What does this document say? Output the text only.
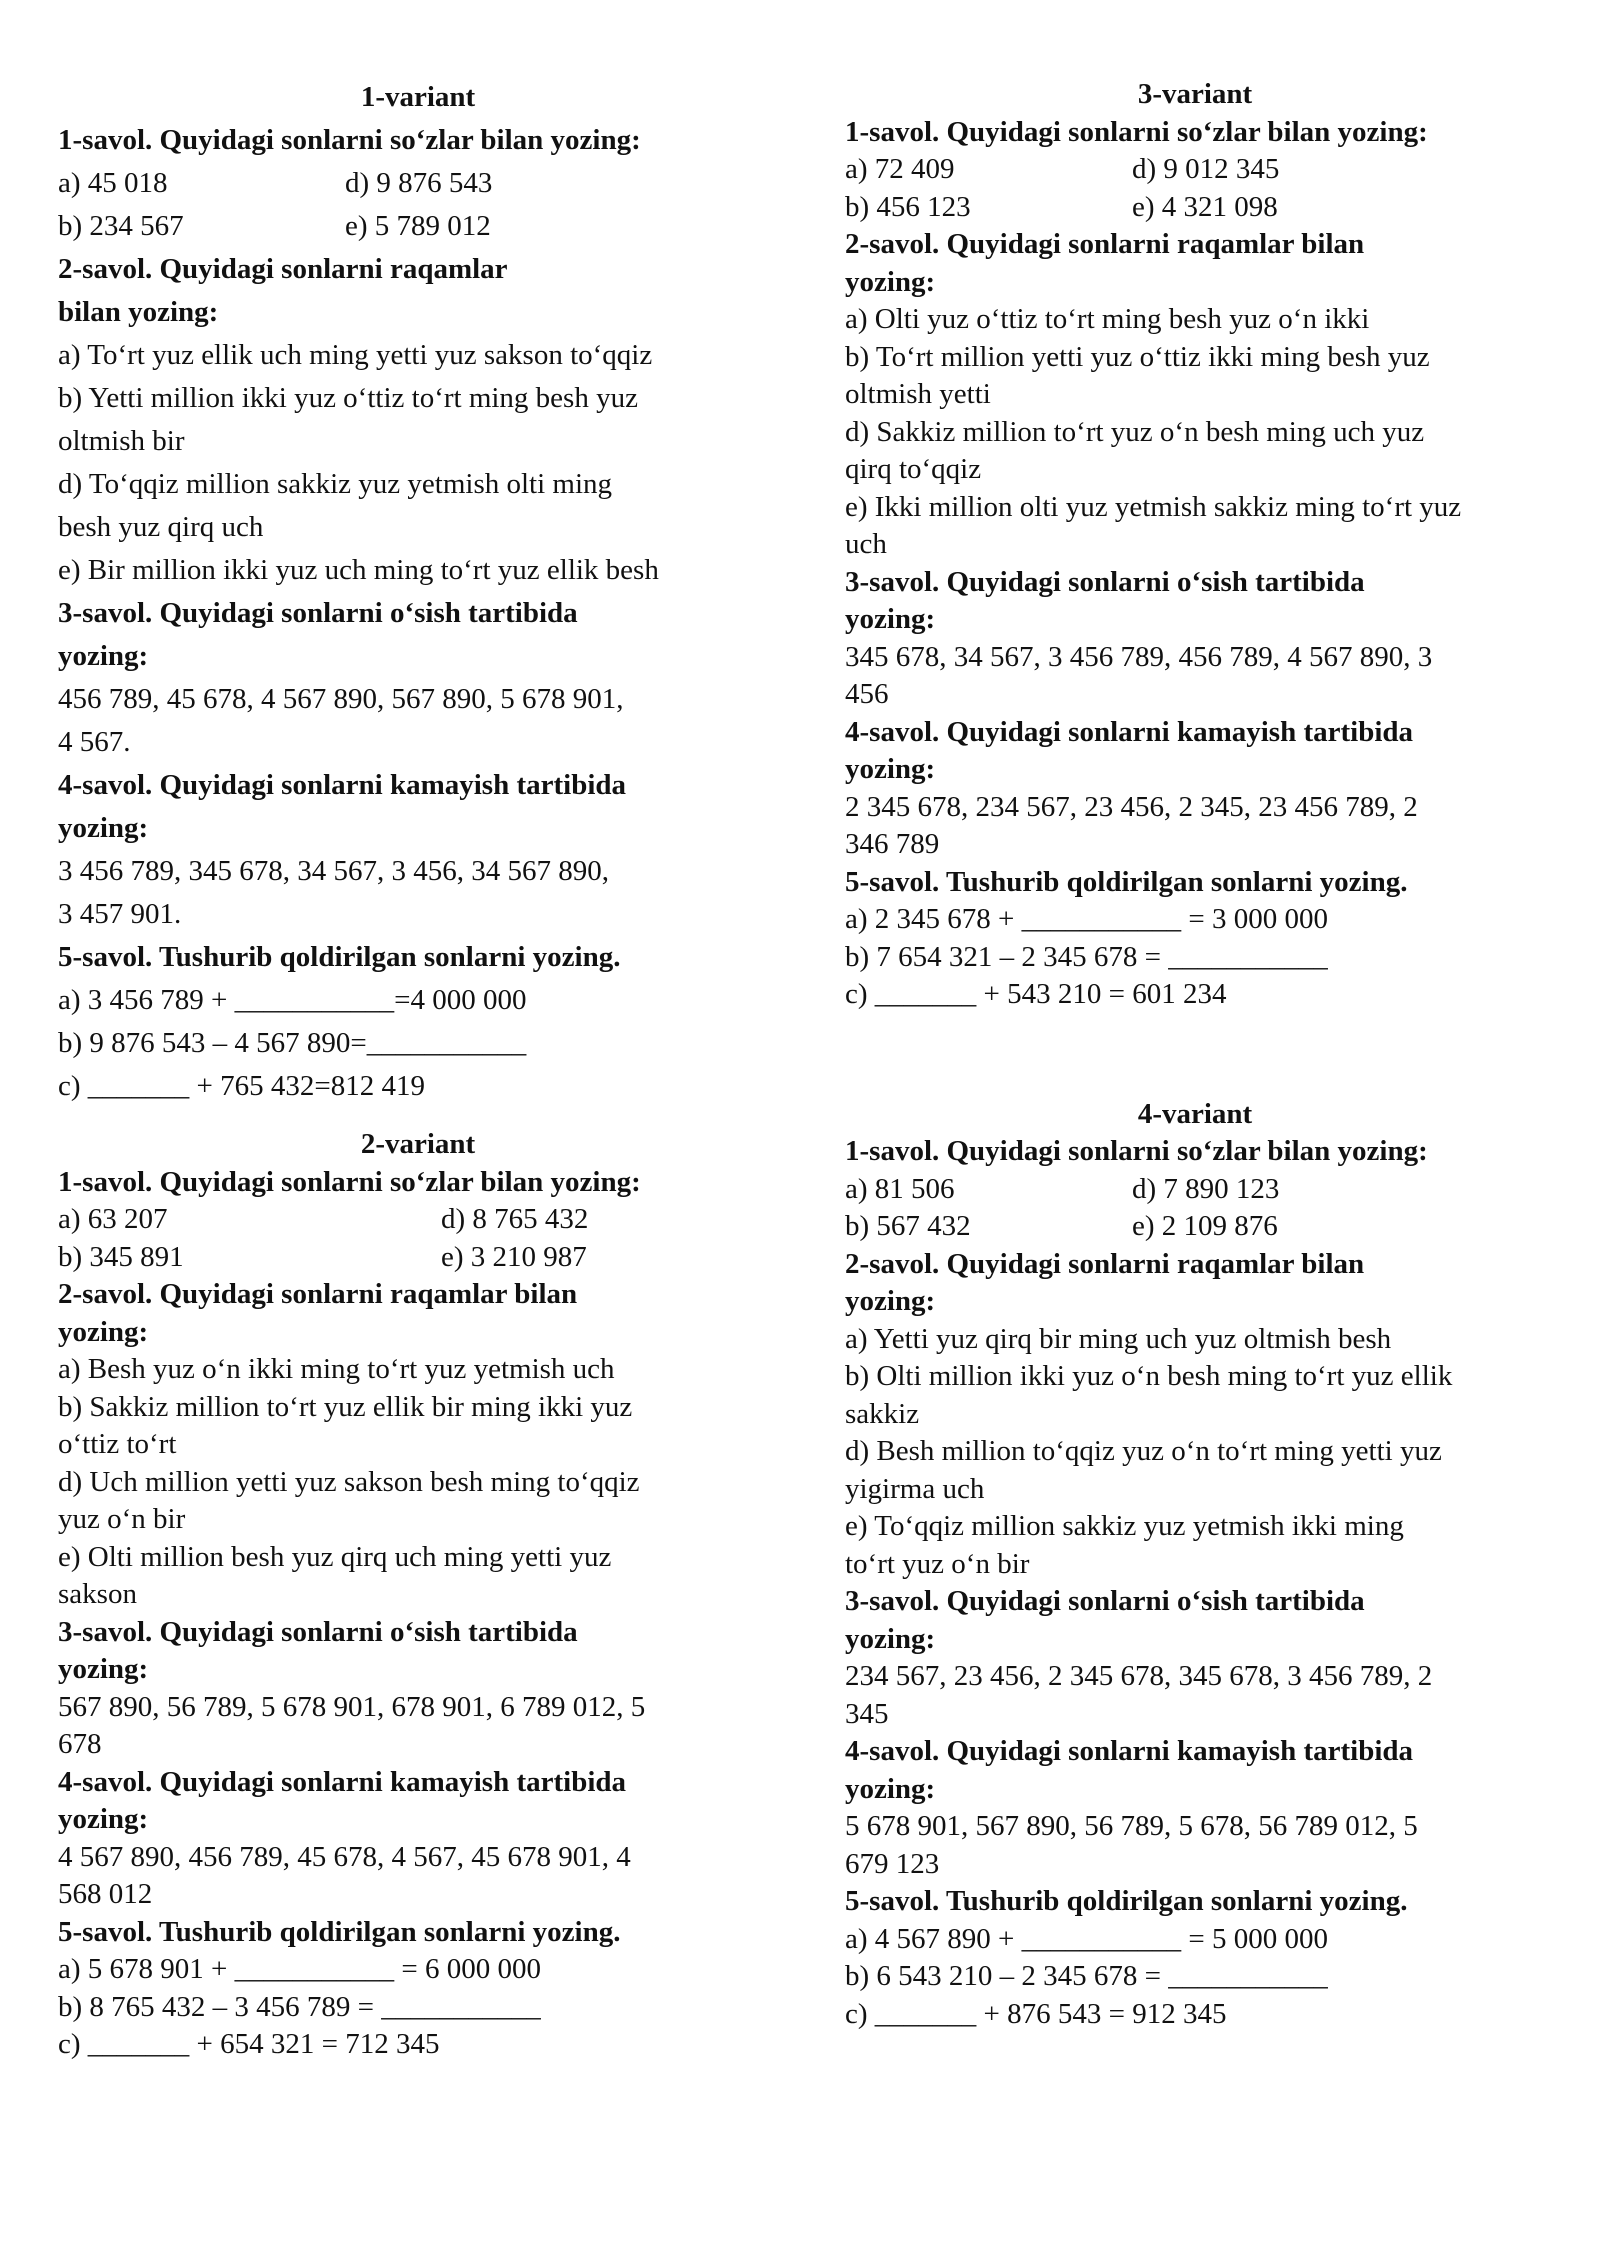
1-variant
1-savol. Quyidagi sonlarni so‘zlar bilan yozing:
a) 45 018	d) 9 876 543
b) 234 567	e) 5 789 012
2-savol. Quyidagi sonlarni raqamlar
bilan yozing:
a) To‘rt yuz ellik uch ming yetti yuz sakson to‘qqiz
b) Yetti million ikki yuz o‘ttiz to‘rt ming besh yuz
oltmish bir
d) To‘qqiz million sakkiz yuz yetmish olti ming
besh yuz qirq uch
e) Bir million ikki yuz uch ming to‘rt yuz ellik besh
3-savol. Quyidagi sonlarni o‘sish tartibida
yozing:
456 789, 45 678, 4 567 890, 567 890, 5 678 901,
4 567.
4-savol. Quyidagi sonlarni kamayish tartibida
yozing:
3 456 789, 345 678, 34 567, 3 456, 34 567 890,
3 457 901.
5-savol. Tushurib qoldirilgan sonlarni yozing.
a) 3 456 789 + ___________=4 000 000
b) 9 876 543 – 4 567 890=___________
c) _______ + 765 432=812 419
2-variant
1-savol. Quyidagi sonlarni so‘zlar bilan yozing:
a) 63 207	d) 8 765 432
b) 345 891	e) 3 210 987
2-savol. Quyidagi sonlarni raqamlar bilan
yozing:
a) Besh yuz o‘n ikki ming to‘rt yuz yetmish uch
b) Sakkiz million to‘rt yuz ellik bir ming ikki yuz
o‘ttiz to‘rt
d) Uch million yetti yuz sakson besh ming to‘qqiz
yuz o‘n bir
e) Olti million besh yuz qirq uch ming yetti yuz
sakson
3-savol. Quyidagi sonlarni o‘sish tartibida
yozing:
567 890, 56 789, 5 678 901, 678 901, 6 789 012, 5
678
4-savol. Quyidagi sonlarni kamayish tartibida
yozing:
4 567 890, 456 789, 45 678, 4 567, 45 678 901, 4
568 012
5-savol. Tushurib qoldirilgan sonlarni yozing.
a) 5 678 901 + ___________ = 6 000 000
b) 8 765 432 – 3 456 789 = ___________
c) _______ + 654 321 = 712 345
3-variant
1-savol. Quyidagi sonlarni so‘zlar bilan yozing:
a) 72 409	d) 9 012 345
b) 456 123	e) 4 321 098
2-savol. Quyidagi sonlarni raqamlar bilan
yozing:
a) Olti yuz o‘ttiz to‘rt ming besh yuz o‘n ikki
b) To‘rt million yetti yuz o‘ttiz ikki ming besh yuz
oltmish yetti
d) Sakkiz million to‘rt yuz o‘n besh ming uch yuz
qirq to‘qqiz
e) Ikki million olti yuz yetmish sakkiz ming to‘rt yuz
uch
3-savol. Quyidagi sonlarni o‘sish tartibida
yozing:
345 678, 34 567, 3 456 789, 456 789, 4 567 890, 3
456
4-savol. Quyidagi sonlarni kamayish tartibida
yozing:
2 345 678, 234 567, 23 456, 2 345, 23 456 789, 2
346 789
5-savol. Tushurib qoldirilgan sonlarni yozing.
a) 2 345 678 + ___________ = 3 000 000
b) 7 654 321 – 2 345 678 = ___________
c) _______ + 543 210 = 601 234
4-variant
1-savol. Quyidagi sonlarni so‘zlar bilan yozing:
a) 81 506	d) 7 890 123
b) 567 432	e) 2 109 876
2-savol. Quyidagi sonlarni raqamlar bilan
yozing:
a) Yetti yuz qirq bir ming uch yuz oltmish besh
b) Olti million ikki yuz o‘n besh ming to‘rt yuz ellik
sakkiz
d) Besh million to‘qqiz yuz o‘n to‘rt ming yetti yuz
yigirma uch
e) To‘qqiz million sakkiz yuz yetmish ikki ming
to‘rt yuz o‘n bir
3-savol. Quyidagi sonlarni o‘sish tartibida
yozing:
234 567, 23 456, 2 345 678, 345 678, 3 456 789, 2
345
4-savol. Quyidagi sonlarni kamayish tartibida
yozing:
5 678 901, 567 890, 56 789, 5 678, 56 789 012, 5
679 123
5-savol. Tushurib qoldirilgan sonlarni yozing.
a) 4 567 890 + ___________ = 5 000 000
b) 6 543 210 – 2 345 678 = ___________
c) _______ + 876 543 = 912 345
